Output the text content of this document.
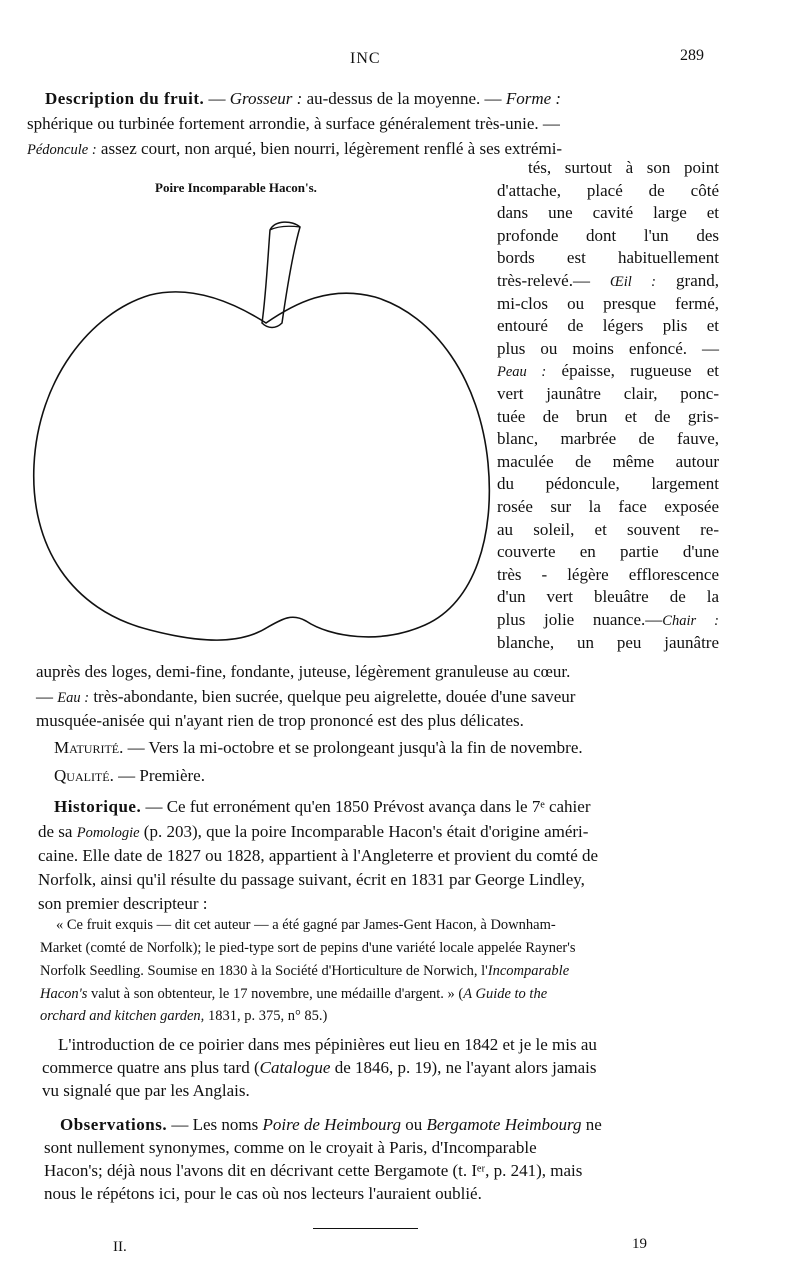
INC	289
Description du fruit. — Grosseur : au-dessus de la moyenne. — Forme :
sphérique ou turbinée fortement arrondie, à surface généralement très-unie. —
Pédoncule : assez court, non arqué, bien nourri, légèrement renflé à ses extrémi-
Poire Incomparable Hacon's.
tés, surtout à son point
d'attache, placé de côté
dans une cavité large et
profonde dont l'un des
bords est habituellement
très-relevé.— Œil : grand,
mi-clos ou presque fermé,
entouré de légers plis et
plus ou moins enfoncé. —
Peau : épaisse, rugueuse et
vert jaunâtre clair, ponc-
tuée de brun et de gris-
blanc, marbrée de fauve,
maculée de même autour
du pédoncule, largement
rosée sur la face exposée
au soleil, et souvent re-
couverte en partie d'une
très - légère efflorescence
d'un vert bleuâtre de la
plus jolie nuance.—Chair :
blanche, un peu jaunâtre
auprès des loges, demi-fine, fondante, juteuse, légèrement granuleuse au cœur.
— Eau : très-abondante, bien sucrée, quelque peu aigrelette, douée d'une saveur
musquée-anisée qui n'ayant rien de trop prononcé est des plus délicates.
Maturité. — Vers la mi-octobre et se prolongeant jusqu'à la fin de novembre.
Qualité. — Première.
Historique. — Ce fut erronément qu'en 1850 Prévost avança dans le 7ᵉ cahier
de sa Pomologie (p. 203), que la poire Incomparable Hacon's était d'origine améri-
caine. Elle date de 1827 ou 1828, appartient à l'Angleterre et provient du comté de
Norfolk, ainsi qu'il résulte du passage suivant, écrit en 1831 par George Lindley,
son premier descripteur :
« Ce fruit exquis — dit cet auteur — a été gagné par James-Gent Hacon, à Downham-
Market (comté de Norfolk); le pied-type sort de pepins d'une variété locale appelée Rayner's
Norfolk Seedling. Soumise en 1830 à la Société d'Horticulture de Norwich, l'Incomparable
Hacon's valut à son obtenteur, le 17 novembre, une médaille d'argent. » (A Guide to the
orchard and kitchen garden, 1831, p. 375, n° 85.)
L'introduction de ce poirier dans mes pépinières eut lieu en 1842 et je le mis au
commerce quatre ans plus tard (Catalogue de 1846, p. 19), ne l'ayant alors jamais
vu signalé que par les Anglais.
Observations. — Les noms Poire de Heimbourg ou Bergamote Heimbourg ne
sont nullement synonymes, comme on le croyait à Paris, d'Incomparable
Hacon's; déjà nous l'avons dit en décrivant cette Bergamote (t. Iᵉʳ, p. 241), mais
nous le répétons ici, pour le cas où nos lecteurs l'auraient oublié.
II.	19
